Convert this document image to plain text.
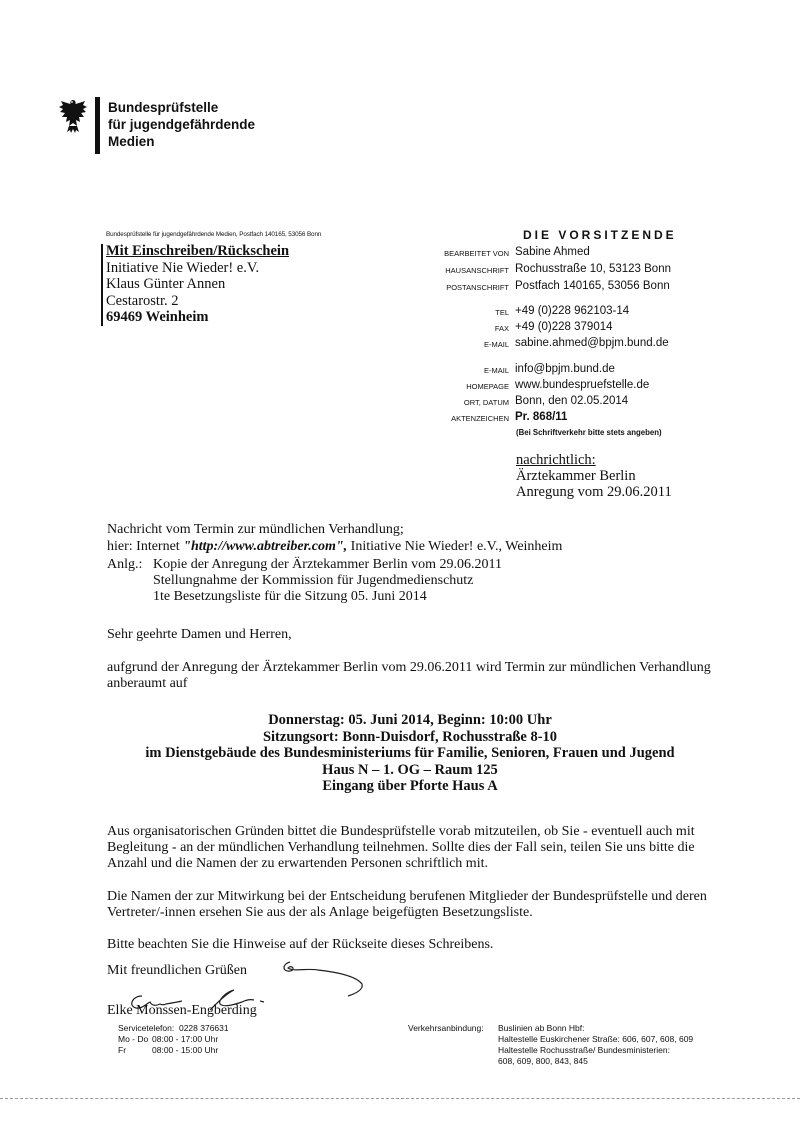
Bundesprüfstelle
für jugendgefährdende
Medien
Bundesprüfstelle für jugendgefährdende Medien, Postfach 140165, 53056 Bonn
Mit Einschreiben/Rückschein
Initiative Nie Wieder! e.V.
Klaus Günter Annen
Cestarostr. 2
69469 Weinheim
DIE VORSITZENDE
BEARBEITET VON Sabine Ahmed
HAUSANSCHRIFT Rochusstraße 10, 53123 Bonn
POSTANSCHRIFT Postfach 140165, 53056 Bonn
TEL +49 (0)228 962103-14
FAX +49 (0)228 379014
E-MAIL sabine.ahmed@bpjm.bund.de
E-MAIL info@bpjm.bund.de
HOMEPAGE www.bundespruefstelle.de
ORT, DATUM Bonn, den 02.05.2014
AKTENZEICHEN Pr. 868/11
(Bei Schriftverkehr bitte stets angeben)
nachrichtlich:
Ärztekammer Berlin
Anregung vom 29.06.2011
Nachricht vom Termin zur mündlichen Verhandlung;
hier: Internet "http://www.abtreiber.com", Initiative Nie Wieder! e.V., Weinheim
Anlg.: Kopie der Anregung der Ärztekammer Berlin vom 29.06.2011
Stellungnahme der Kommission für Jugendmedienschutz
1te Besetzungsliste für die Sitzung 05. Juni 2014
Sehr geehrte Damen und Herren,
aufgrund der Anregung der Ärztekammer Berlin vom 29.06.2011 wird Termin zur mündlichen Verhandlung anberaumt auf
Donnerstag: 05. Juni 2014, Beginn: 10:00 Uhr
Sitzungsort: Bonn-Duisdorf, Rochusstraße 8-10
im Dienstgebäude des Bundesministeriums für Familie, Senioren, Frauen und Jugend
Haus N – 1. OG – Raum 125
Eingang über Pforte Haus A
Aus organisatorischen Gründen bittet die Bundesprüfstelle vorab mitzuteilen, ob Sie - eventuell auch mit Begleitung - an der mündlichen Verhandlung teilnehmen. Sollte dies der Fall sein, teilen Sie uns bitte die Anzahl und die Namen der zu erwartenden Personen schriftlich mit.
Die Namen der zur Mitwirkung bei der Entscheidung berufenen Mitglieder der Bundesprüfstelle und deren Vertreter/-innen ersehen Sie aus der als Anlage beigefügten Besetzungsliste.
Bitte beachten Sie die Hinweise auf der Rückseite dieses Schreibens.
Mit freundlichen Grüßen
Elke Monssen-Engberding
Servicetelefon: 0228 376631
Mo - Do 08:00 - 17:00 Uhr
Fr	08:00 - 15:00 Uhr
Verkehrsanbindung: Buslinien ab Bonn Hbf:
Haltestelle Euskirchener Straße: 606, 607, 608, 609
Haltestelle Rochusstraße/ Bundesministerien:
608, 609, 800, 843, 845
